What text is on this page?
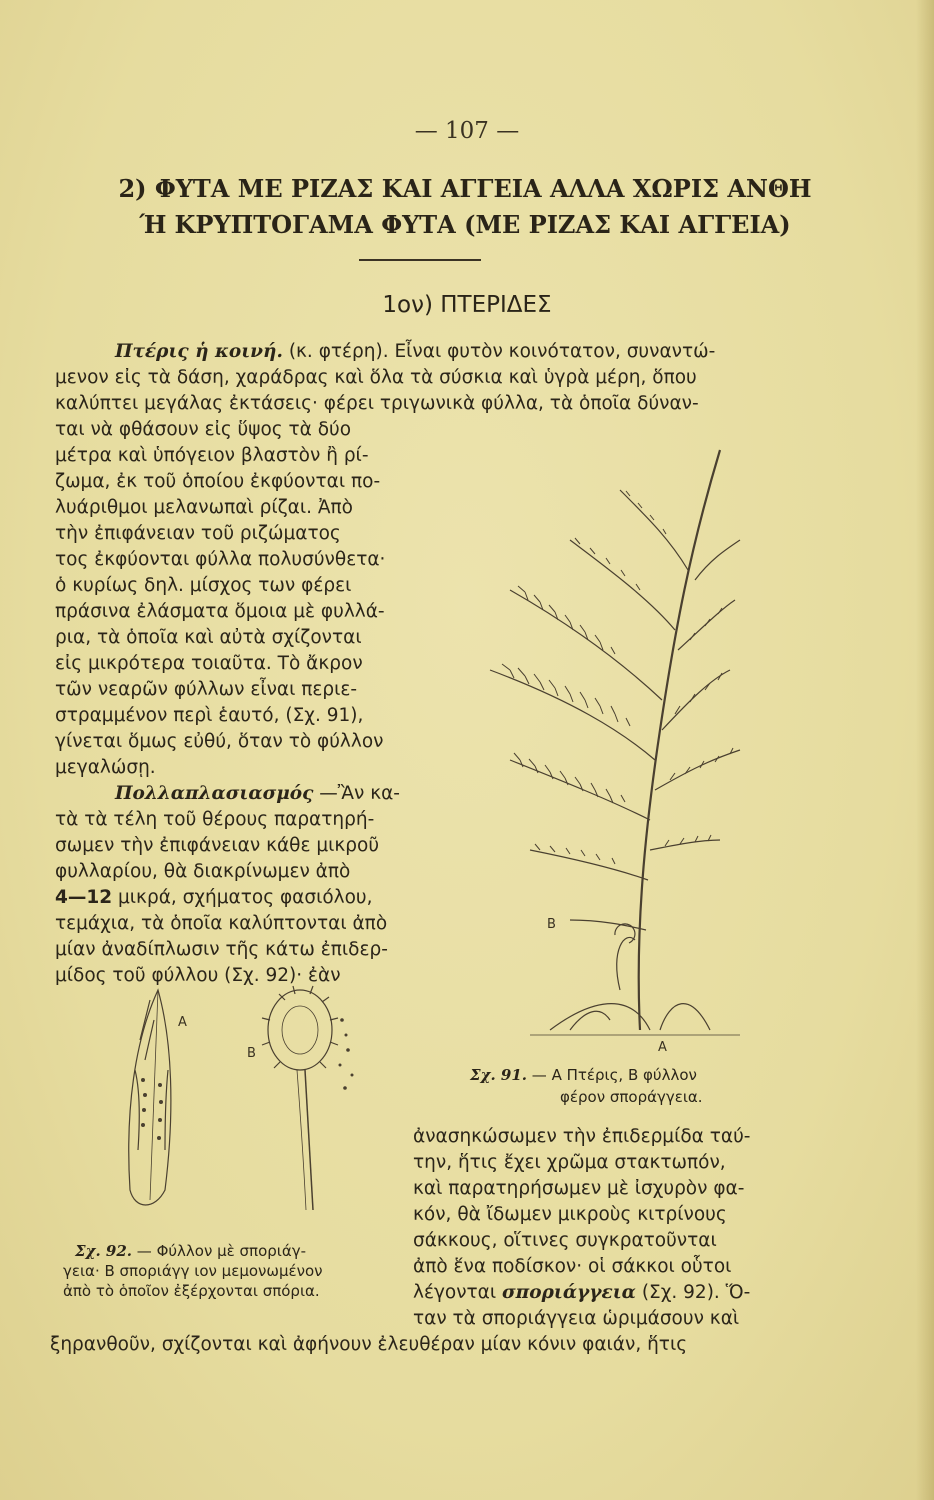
— 107 —
2) ΦΥΤΑ ΜΕ ΡΙΖΑΣ ΚΑΙ ΑΓΓΕΙΑ ΑΛΛΑ ΧΩΡΙΣ ΑΝΘΗ
Ή ΚΡΥΠΤΟΓΑΜΑ ΦΥΤΑ (ΜΕ ΡΙΖΑΣ ΚΑΙ ΑΓΓΕΙΑ)
1ον) ΠΤΕΡΙΔΕΣ
Πτέρις ἡ κοινή. (κ. φτέρη). Εἶναι φυτὸν κοινότατον, συναντώ-
μενον εἰς τὰ δάση, χαράδρας καὶ ὅλα τὰ σύσκια καὶ ὑγρὰ μέρη, ὅπου
καλύπτει μεγάλας ἐκτάσεις· φέρει τριγωνικὰ φύλλα, τὰ ὁποῖα δύναν-
ται νὰ φθάσουν εἰς ὕψος τὰ δύο
μέτρα καὶ ὑπόγειον βλαστὸν ἢ ρί-
ζωμα, ἐκ τοῦ ὁποίου ἐκφύονται πο-
λυάριθμοι μελανωπαὶ ρίζαι. Ἀπὸ
τὴν ἐπιφάνειαν τοῦ ριζώματος
τος ἐκφύονται φύλλα πολυσύνθετα·
ὁ κυρίως δηλ. μίσχος των φέρει
πράσινα ἐλάσματα ὅμοια μὲ φυλλά-
ρια, τὰ ὁποῖα καὶ αὐτὰ σχίζονται
εἰς μικρότερα τοιαῦτα. Τὸ ἄκρον
τῶν νεαρῶν φύλλων εἶναι περιε-
στραμμένον περὶ ἑαυτό, (Σχ. 91),
γίνεται ὅμως εὐθύ, ὅταν τὸ φύλλον
μεγαλώσῃ.
Πολλαπλασιασμός —Ἂν κα-
τὰ τὰ τέλη τοῦ θέρους παρατηρή-
σωμεν τὴν ἐπιφάνειαν κάθε μικροῦ
φυλλαρίου, θὰ διακρίνωμεν ἀπὸ
4—12 μικρά, σχήματος φασιόλου,
τεμάχια, τὰ ὁποῖα καλύπτονται ἀπὸ
μίαν ἀναδίπλωσιν τῆς κάτω ἐπιδερ-
μίδος τοῦ φύλλου (Σχ. 92)· ἐὰν
B
A
Σχ. 91. — Α Πτέρις, Β φύλλον
φέρον σποράγγεια.
A
B
Σχ. 92. — Φύλλον μὲ σποριάγ-
γεια· Β σποριάγγ ιον μεμονωμένον
ἀπὸ τὸ ὁποῖον ἐξέρχονται σπόρια.
ἀνασηκώσωμεν τὴν ἐπιδερμίδα ταύ-
την, ἥτις ἔχει χρῶμα στακτωπόν,
καὶ παρατηρήσωμεν μὲ ἰσχυρὸν φα-
κόν, θὰ ἴδωμεν μικροὺς κιτρίνους
σάκκους, οἵτινες συγκρατοῦνται
ἀπὸ ἕνα ποδίσκον· οἱ σάκκοι οὗτοι
λέγονται σποριάγγεια (Σχ. 92). Ὅ-
ταν τὰ σποριάγγεια ὡριμάσουν καὶ
ξηρανθοῦν, σχίζονται καὶ ἀφήνουν ἐλευθέραν μίαν κόνιν φαιάν, ἥτις
